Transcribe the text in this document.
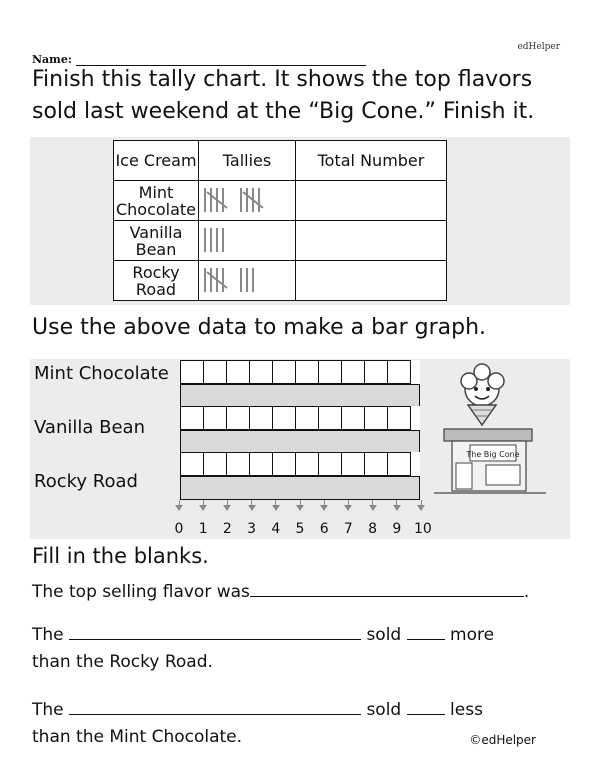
edHelper
Name:
Finish this tally chart. It shows the top flavors sold last weekend at the “Big Cone.” Finish it.
Ice Cream	Tallies	Total Number
Mint Chocolate		
Vanilla Bean		
Rocky Road		
Use the above data to make a bar graph.
Mint Chocolate
Vanilla Bean
Rocky Road
0 1 2 3 4 5 6 7 8 9 10
The Big Cone
Fill in the blanks.
The top selling flavor was	.
The	sold	more
than the Rocky Road.
The	sold	less
than the Mint Chocolate.	©edHelper
